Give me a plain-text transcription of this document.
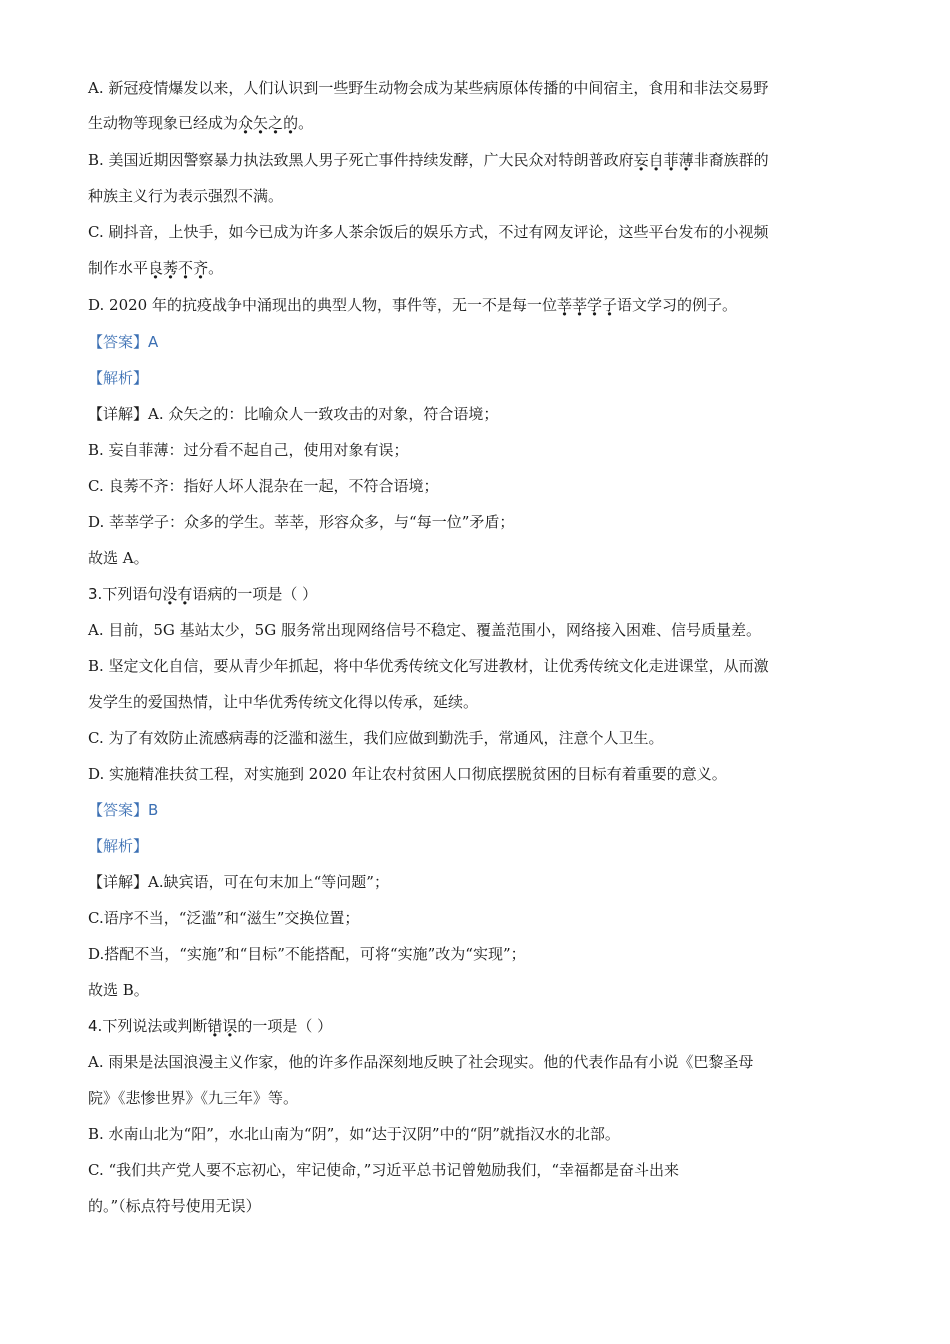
A. 新冠疫情爆发以来，人们认识到一些野生动物会成为某些病原体传播的中间宿主，食用和非法交易野
生动物等现象已经成为众矢之的。
B. 美国近期因警察暴力执法致黑人男子死亡事件持续发酵，广大民众对特朗普政府妄自菲薄非裔族群的
种族主义行为表示强烈不满。
C. 刷抖音，上快手，如今已成为许多人茶余饭后的娱乐方式，不过有网友评论，这些平台发布的小视频
制作水平良莠不齐。
D. 2020 年的抗疫战争中涌现出的典型人物，事件等，无一不是每一位莘莘学子语文学习的例子。
【答案】A
【解析】
【详解】A. 众矢之的：比喻众人一致攻击的对象，符合语境；
B. 妄自菲薄：过分看不起自己，使用对象有误；
C. 良莠不齐：指好人坏人混杂在一起，不符合语境；
D. 莘莘学子：众多的学生。莘莘，形容众多，与“每一位”矛盾；
故选 A。
3.下列语句没有语病的一项是（ ）
A. 目前，5G 基站太少，5G 服务常出现网络信号不稳定、覆盖范围小，网络接入困难、信号质量差。
B. 坚定文化自信，要从青少年抓起，将中华优秀传统文化写进教材，让优秀传统文化走进课堂，从而激
发学生的爱国热情，让中华优秀传统文化得以传承，延续。
C. 为了有效防止流感病毒的泛滥和滋生，我们应做到勤洗手，常通风，注意个人卫生。
D. 实施精准扶贫工程，对实施到 2020 年让农村贫困人口彻底摆脱贫困的目标有着重要的意义。
【答案】B
【解析】
【详解】A.缺宾语，可在句末加上“等问题”；
C.语序不当，“泛滥”和“滋生”交换位置；
D.搭配不当，“实施”和“目标”不能搭配，可将“实施”改为“实现”；
故选 B。
4.下列说法或判断错误的一项是（ ）
A. 雨果是法国浪漫主义作家，他的许多作品深刻地反映了社会现实。他的代表作品有小说《巴黎圣母
院》《悲惨世界》《九三年》等。
B. 水南山北为“阳”，水北山南为“阴”，如“达于汉阴”中的“阴”就指汉水的北部。
C. “我们共产党人要不忘初心，牢记使命，”习近平总书记曾勉励我们，“幸福都是奋斗出来
的。”（标点符号使用无误）
